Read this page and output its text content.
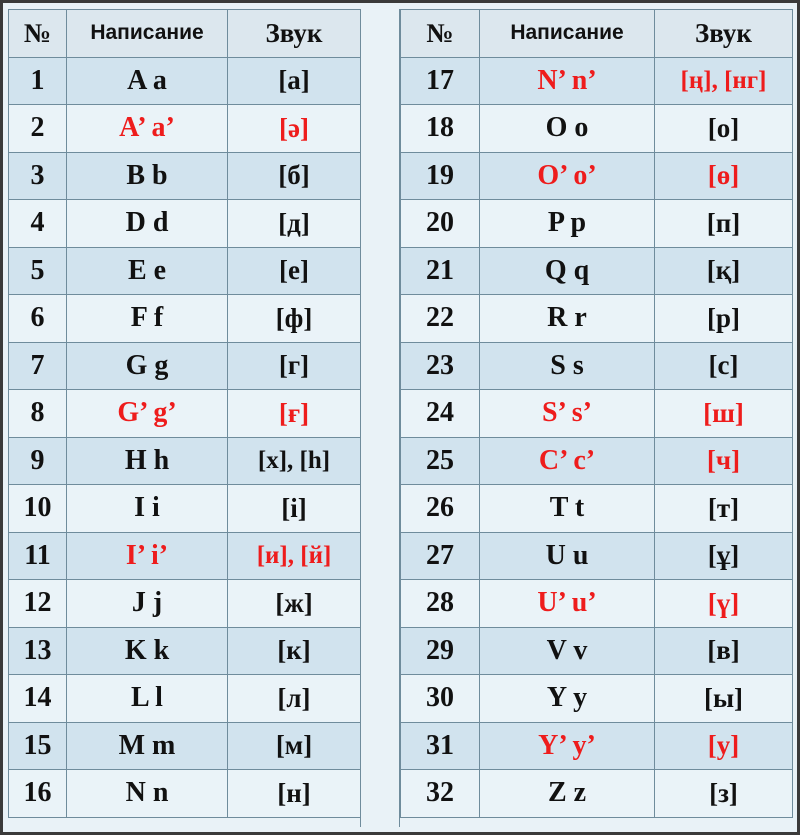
№	Написание	Звук
1	A a	[а]
2	A’ a’	[ә]
3	B b	[б]
4	D d	[д]
5	E e	[е]
6	F f	[ф]
7	G g	[г]
8	G’ g’	[ғ]
9	H h	[х], [h]
10	I i	[і]
11	I’ i’	[и], [й]
12	J j	[ж]
13	K k	[к]
14	L l	[л]
15	M m	[м]
16	N n	[н]
№	Написание	Звук
17	N’ n’	[ң], [нг]
18	O o	[о]
19	O’ o’	[ө]
20	P p	[п]
21	Q q	[қ]
22	R r	[р]
23	S s	[с]
24	S’ s’	[ш]
25	C’ c’	[ч]
26	T t	[т]
27	U u	[ұ]
28	U’ u’	[ү]
29	V v	[в]
30	Y y	[ы]
31	Y’ y’	[у]
32	Z z	[з]
